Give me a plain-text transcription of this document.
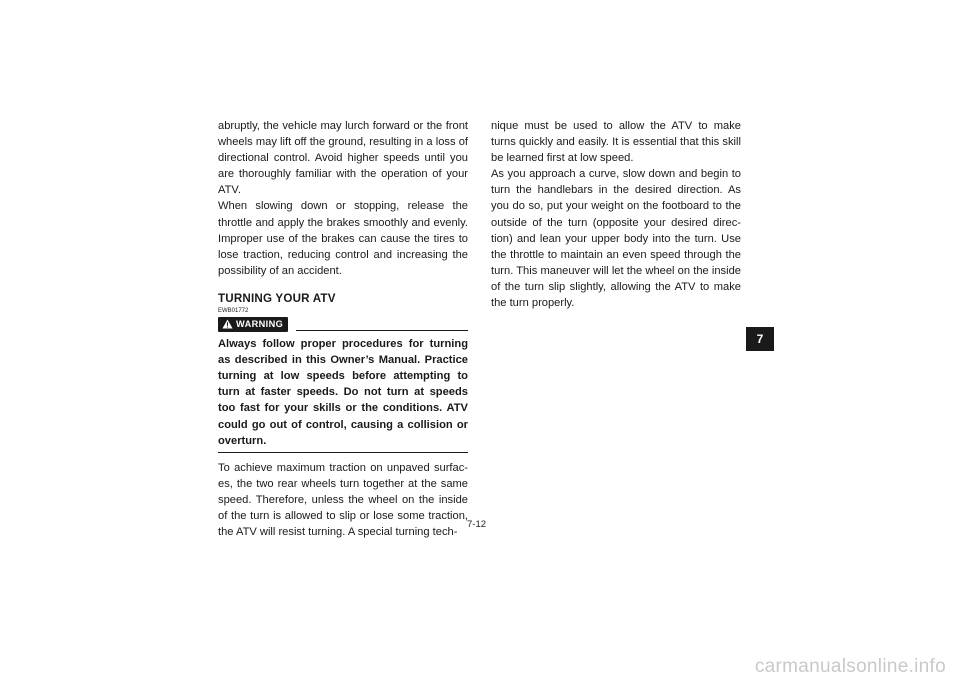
abruptly, the vehicle may lurch forward or the front wheels may lift off the ground, resulting in a loss of directional control. Avoid higher speeds until you are thoroughly familiar with the operation of your ATV.

When slowing down or stopping, release the throttle and apply the brakes smoothly and evenly. Improper use of the brakes can cause the tires to lose traction, reducing control and increasing the possibility of an accident.

TURNING YOUR ATV

EWB01772

WARNING

Always follow proper procedures for turning as described in this Owner’s Manual. Practice turning at low speeds before attempting to turn at faster speeds. Do not turn at speeds too fast for your skills or the conditions. ATV could go out of control, causing a collision or overturn.

To achieve maximum traction on unpaved surfac-es, the two rear wheels turn together at the same speed. Therefore, unless the wheel on the inside of the turn is allowed to slip or lose some traction, the ATV will resist turning. A special turning tech-

nique must be used to allow the ATV to make turns quickly and easily. It is essential that this skill be learned first at low speed.

As you approach a curve, slow down and begin to turn the handlebars in the desired direction. As you do so, put your weight on the footboard to the outside of the turn (opposite your desired direc-tion) and lean your upper body into the turn. Use the throttle to maintain an even speed through the turn. This maneuver will let the wheel on the inside of the turn slip slightly, allowing the ATV to make the turn properly.

7
7-12
carmanualsonline.info
